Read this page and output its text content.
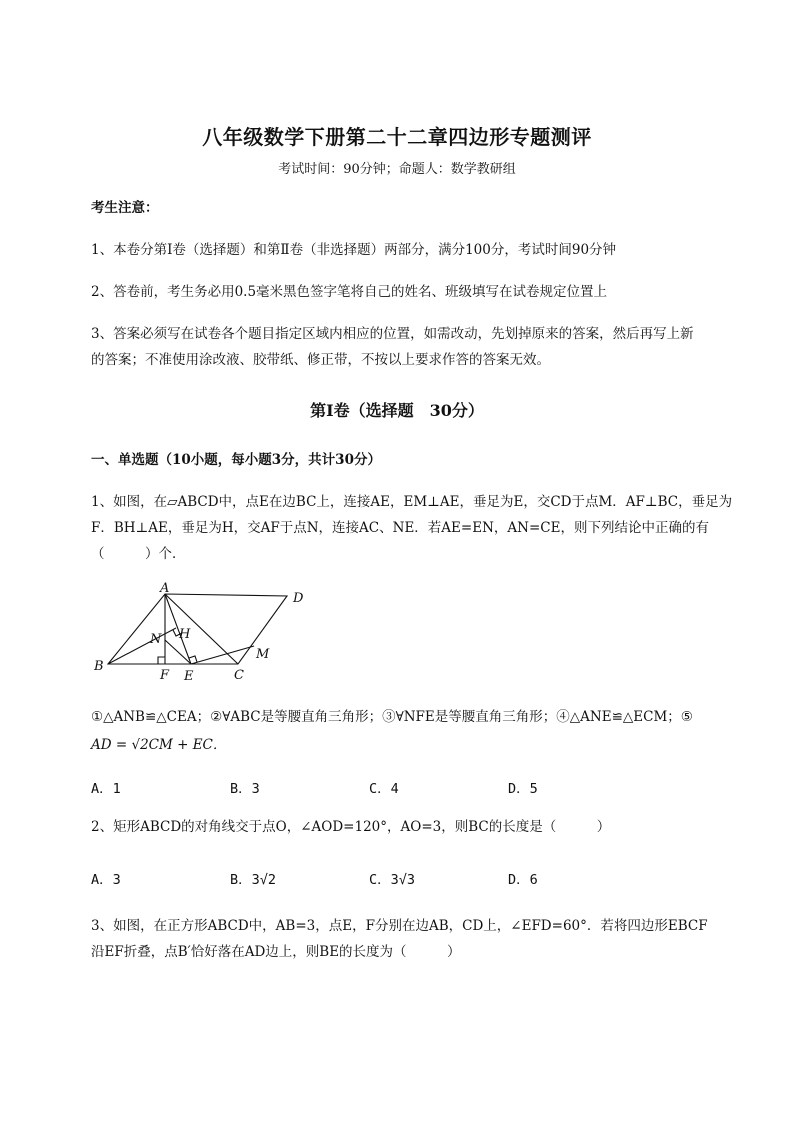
八年级数学下册第二十二章四边形专题测评
考试时间：90分钟；命题人：数学教研组
考生注意：
1、本卷分第I卷（选择题）和第Ⅱ卷（非选择题）两部分，满分100分，考试时间90分钟
2、答卷前，考生务必用0.5毫米黑色签字笔将自己的姓名、班级填写在试卷规定位置上
3、答案必须写在试卷各个题目指定区域内相应的位置，如需改动，先划掉原来的答案，然后再写上新
的答案；不准使用涂改液、胶带纸、修正带，不按以上要求作答的答案无效。
第I卷（选择题　30分）
一、单选题（10小题，每小题3分，共计30分）
1、如图，在▱ABCD中，点E在边BC上，连接AE，EM⊥AE，垂足为E，交CD于点M．AF⊥BC，垂足为
F．BH⊥AE，垂足为H，交AF于点N，连接AC、NE．若AE=EN，AN=CE，则下列结论中正确的有
（　　　）个．
A
D
B
C
F E
H
N
M
①△ANB≌△CEA；②∀ABC是等腰直角三角形；③∀NFE是等腰直角三角形；④△ANE≌△ECM；⑤
AD = √2CM + EC．
A．1	B．3	C．4	D．5
2、矩形ABCD的对角线交于点O，∠AOD=120°，AO=3，则BC的长度是（　　　）
A．3	B．3√2	C．3√3	D．6
3、如图，在正方形ABCD中，AB=3，点E，F分别在边AB，CD上，∠EFD=60°．若将四边形EBCF
沿EF折叠，点B′恰好落在AD边上，则BE的长度为（　　　）
